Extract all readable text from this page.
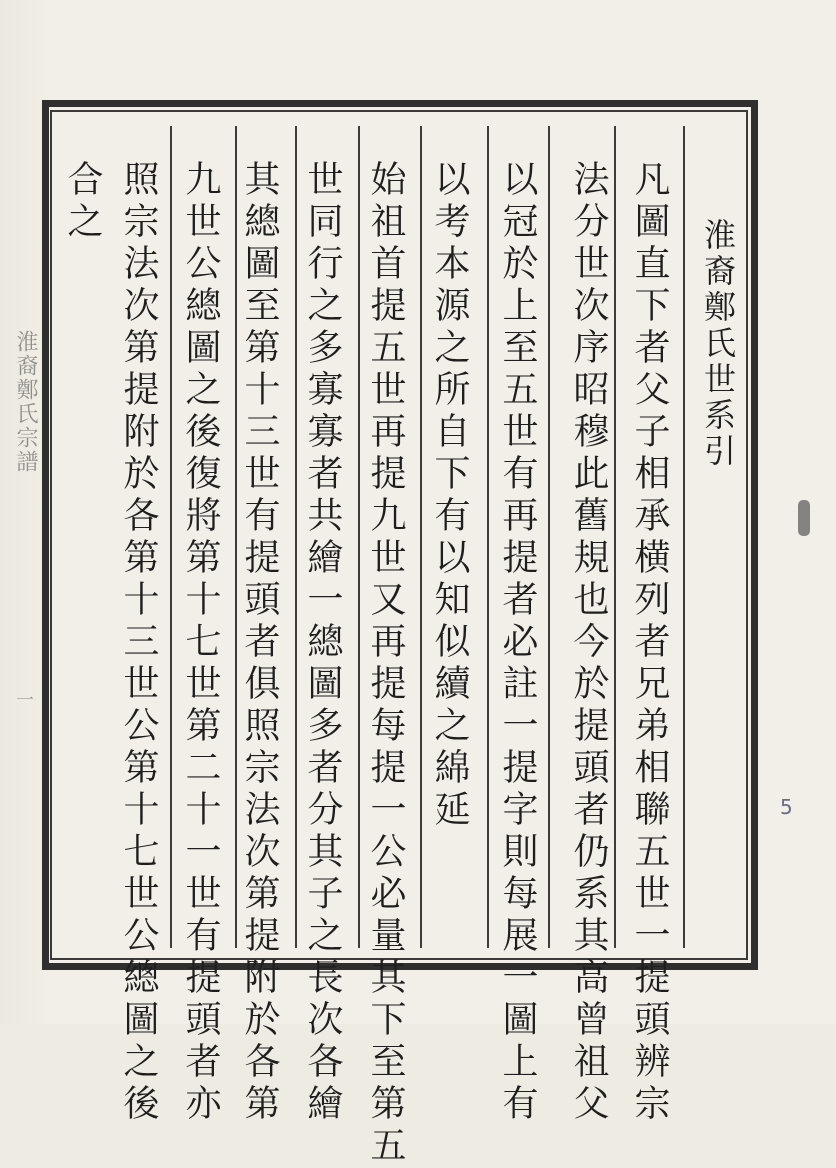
淮裔鄭氏宗譜
一	凡圖直下者父子相承横列者兄弟相聯五世一提頭辨宗
法分世次序昭穆此舊規也今於提頭者仍系其高曾祖父
以冠於上至五世有再提者必註一提字則每展一圖上有
以考本源之所自下有以知似續之綿延
始祖首提五世再提九世又再提每提一公必量其下至第五
世同行之多寡寡者共繪一總圖多者分其子之長次各繪
其總圖至第十三世有提頭者俱照宗法次第提附於各第
九世公總圖之後復將第十七世第二十一世有提頭者亦
照宗法次第提附於各第十三世公第十七世公總圖之後
合之
淮裔鄭氏世系引
5
